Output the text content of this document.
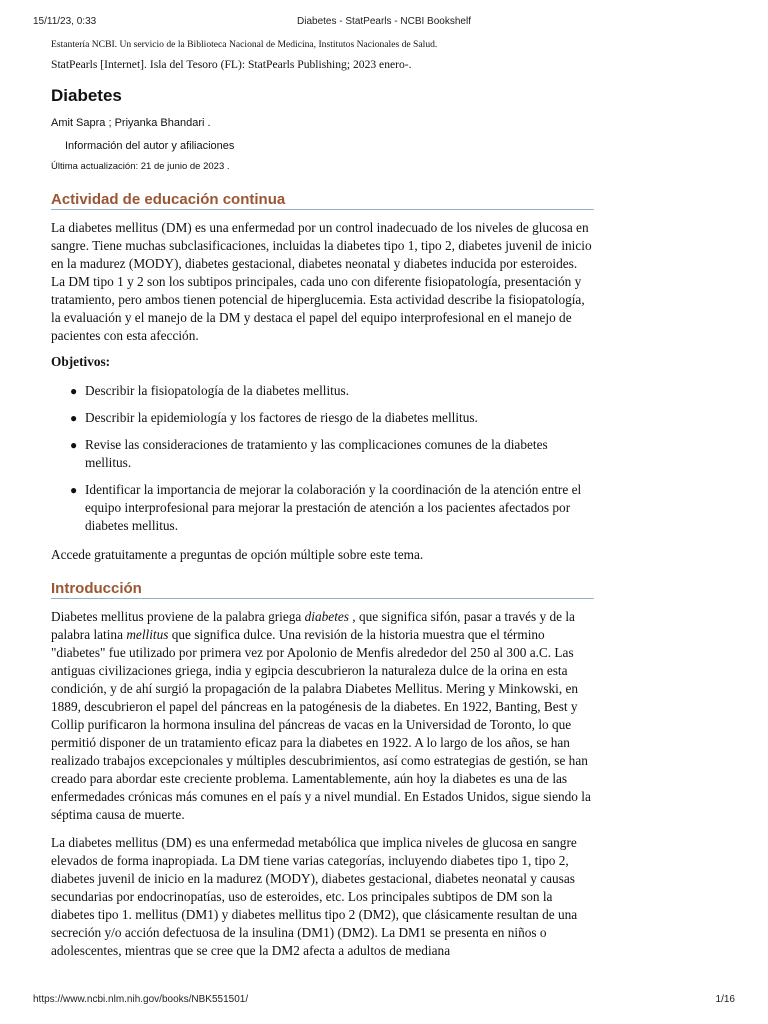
15/11/23, 0:33	Diabetes - StatPearls - NCBI Bookshelf
Estantería NCBI. Un servicio de la Biblioteca Nacional de Medicina, Institutos Nacionales de Salud.
StatPearls [Internet]. Isla del Tesoro (FL): StatPearls Publishing; 2023 enero-.
Diabetes
Amit Sapra ; Priyanka Bhandari .
Información del autor y afiliaciones
Última actualización: 21 de junio de 2023 .
Actividad de educación continua

La diabetes mellitus (DM) es una enfermedad por un control inadecuado de los niveles de glucosa en sangre. Tiene muchas subclasificaciones, incluidas la diabetes tipo 1, tipo 2, diabetes juvenil de inicio en la madurez (MODY), diabetes gestacional, diabetes neonatal y diabetes inducida por esteroides. La DM tipo 1 y 2 son los subtipos principales, cada uno con diferente fisiopatología, presentación y tratamiento, pero ambos tienen potencial de hiperglucemia. Esta actividad describe la fisiopatología, la evaluación y el manejo de la DM y destaca el papel del equipo interprofesional en el manejo de pacientes con esta afección.

Objetivos:
● Describir la fisiopatología de la diabetes mellitus.
● Describir la epidemiología y los factores de riesgo de la diabetes mellitus.
● Revise las consideraciones de tratamiento y las complicaciones comunes de la diabetes mellitus.
● Identificar la importancia de mejorar la colaboración y la coordinación de la atención entre el equipo interprofesional para mejorar la prestación de atención a los pacientes afectados por diabetes mellitus.
Accede gratuitamente a preguntas de opción múltiple sobre este tema.
Introducción

Diabetes mellitus proviene de la palabra griega diabetes , que significa sifón, pasar a través y de la palabra latina mellitus que significa dulce. Una revisión de la historia muestra que el término "diabetes" fue utilizado por primera vez por Apolonio de Menfis alrededor del 250 al 300 a.C. Las antiguas civilizaciones griega, india y egipcia descubrieron la naturaleza dulce de la orina en esta condición, y de ahí surgió la propagación de la palabra Diabetes Mellitus. Mering y Minkowski, en 1889, descubrieron el papel del páncreas en la patogénesis de la diabetes. En 1922, Banting, Best y Collip purificaron la hormona insulina del páncreas de vacas en la Universidad de Toronto, lo que permitió disponer de un tratamiento eficaz para la diabetes en 1922. A lo largo de los años, se han realizado trabajos excepcionales y múltiples descubrimientos, así como estrategias de gestión, se han creado para abordar este creciente problema. Lamentablemente, aún hoy la diabetes es una de las enfermedades crónicas más comunes en el país y a nivel mundial. En Estados Unidos, sigue siendo la séptima causa de muerte.

La diabetes mellitus (DM) es una enfermedad metabólica que implica niveles de glucosa en sangre elevados de forma inapropiada. La DM tiene varias categorías, incluyendo diabetes tipo 1, tipo 2, diabetes juvenil de inicio en la madurez (MODY), diabetes gestacional, diabetes neonatal y causas secundarias por endocrinopatías, uso de esteroides, etc. Los principales subtipos de DM son la diabetes tipo 1. mellitus (DM1) y diabetes mellitus tipo 2 (DM2), que clásicamente resultan de una secreción y/o acción defectuosa de la insulina (DM1) (DM2). La DM1 se presenta en niños o adolescentes, mientras que se cree que la DM2 afecta a adultos de mediana

https://www.ncbi.nlm.nih.gov/books/NBK551501/	1/16
